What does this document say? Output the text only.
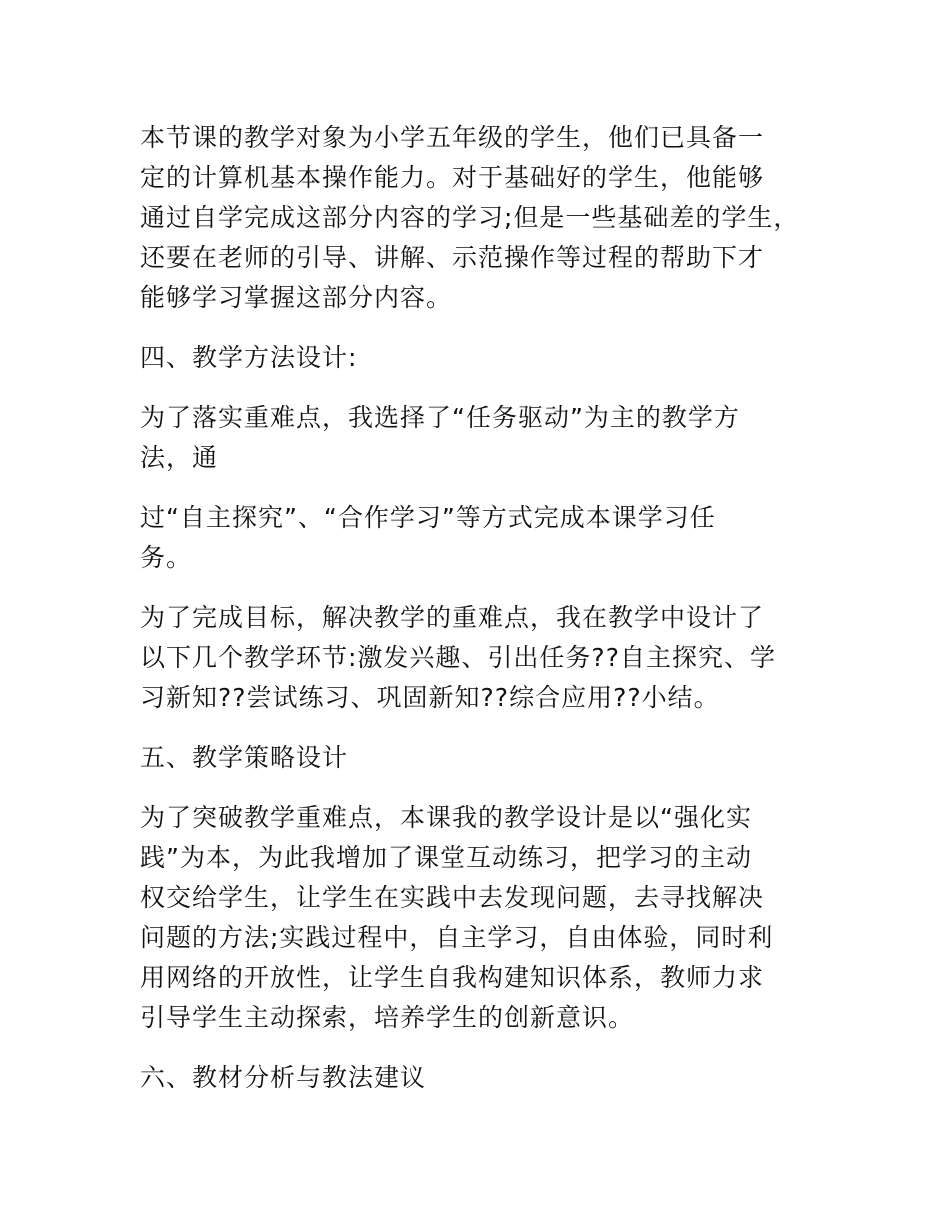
本节课的教学对象为小学五年级的学生，他们已具备一
定的计算机基本操作能力。对于基础好的学生，他能够
通过自学完成这部分内容的学习;但是一些基础差的学生，
还要在老师的引导、讲解、示范操作等过程的帮助下才
能够学习掌握这部分内容。
四、教学方法设计:
为了落实重难点，我选择了“任务驱动”为主的教学方
法，通
过“自主探究”、“合作学习”等方式完成本课学习任
务。
为了完成目标，解决教学的重难点，我在教学中设计了
以下几个教学环节:激发兴趣、引出任务??自主探究、学
习新知??尝试练习、巩固新知??综合应用??小结。
五、教学策略设计
为了突破教学重难点，本课我的教学设计是以“强化实
践”为本，为此我增加了课堂互动练习，把学习的主动
权交给学生，让学生在实践中去发现问题，去寻找解决
问题的方法;实践过程中，自主学习，自由体验，同时利
用网络的开放性，让学生自我构建知识体系，教师力求
引导学生主动探索，培养学生的创新意识。
六、教材分析与教法建议
